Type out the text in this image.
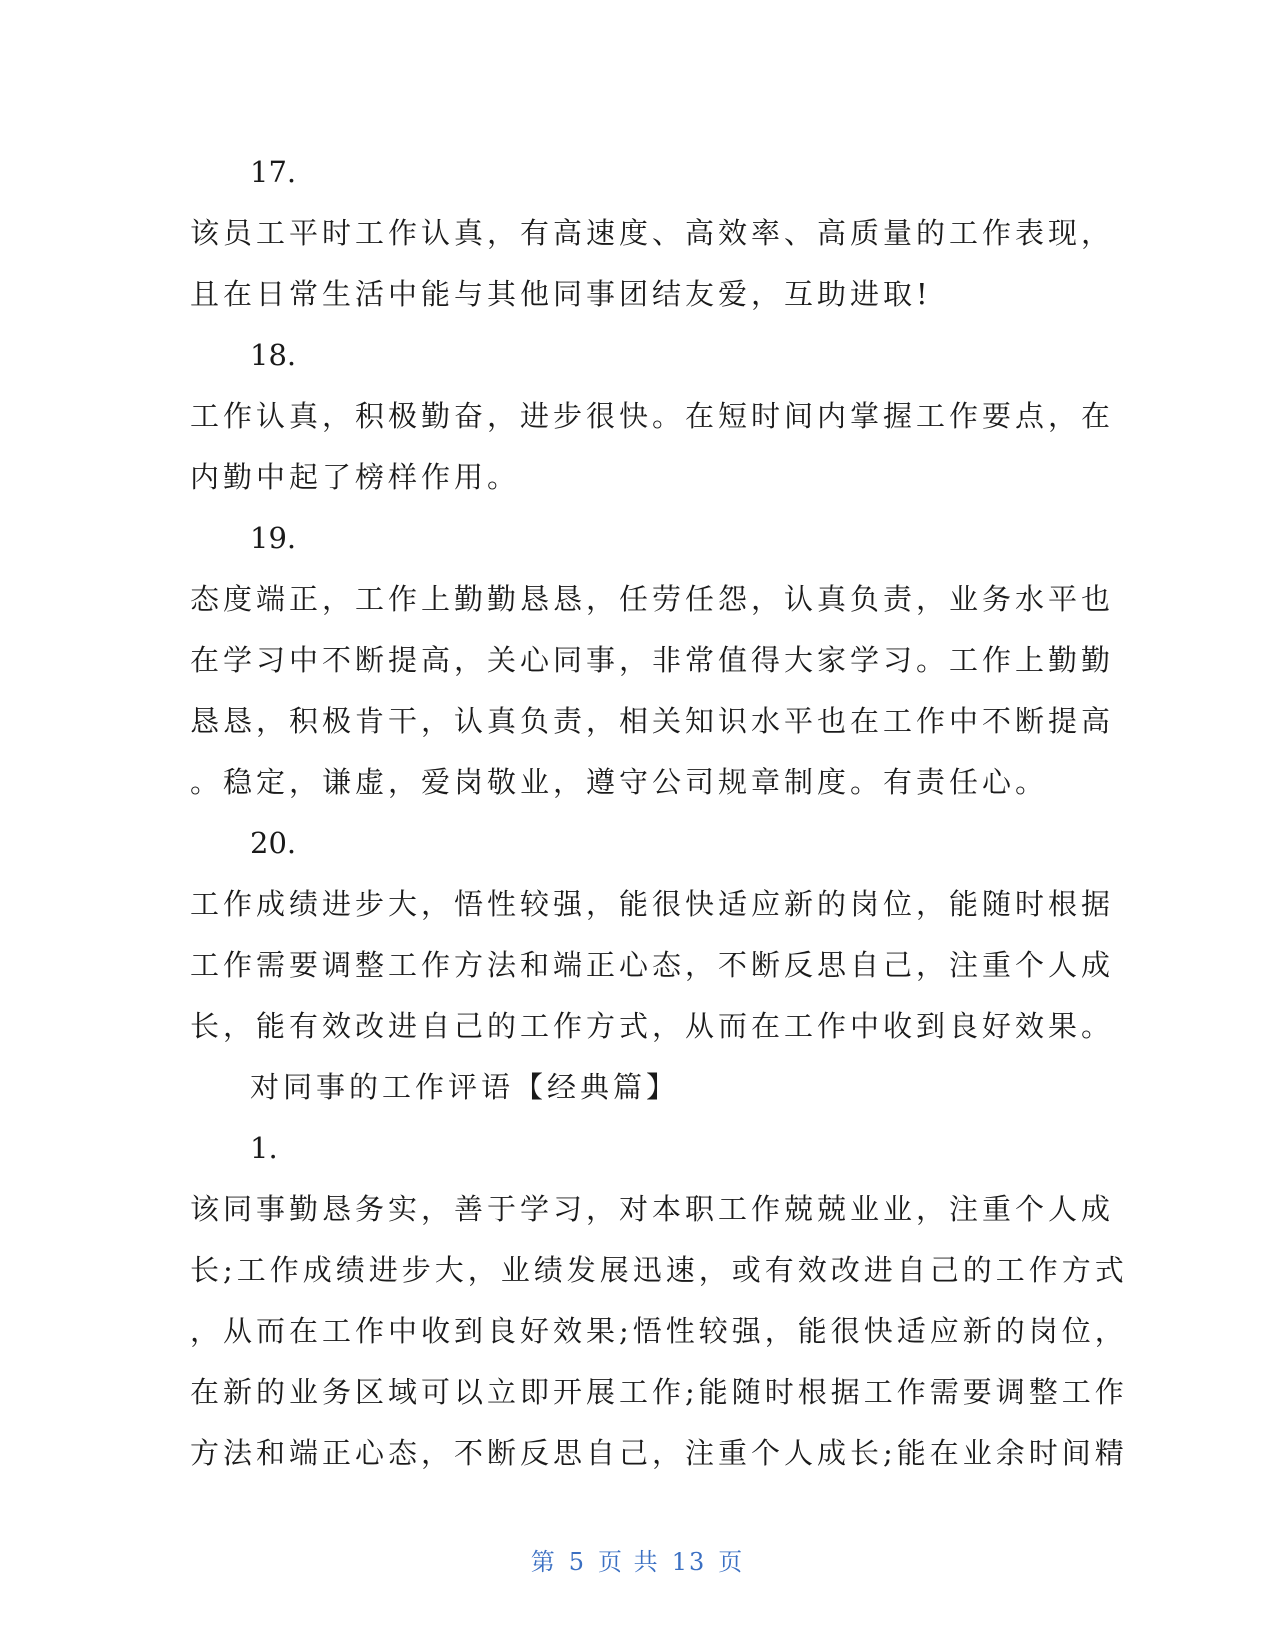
17.
该员工平时工作认真，有高速度、高效率、高质量的工作表现，
且在日常生活中能与其他同事团结友爱，互助进取!
18.
工作认真，积极勤奋，进步很快。在短时间内掌握工作要点，在
内勤中起了榜样作用。
19.
态度端正，工作上勤勤恳恳，任劳任怨，认真负责，业务水平也
在学习中不断提高，关心同事，非常值得大家学习。工作上勤勤
恳恳，积极肯干，认真负责，相关知识水平也在工作中不断提高
。稳定，谦虚，爱岗敬业，遵守公司规章制度。有责任心。
20.
工作成绩进步大，悟性较强，能很快适应新的岗位，能随时根据
工作需要调整工作方法和端正心态，不断反思自己，注重个人成
长，能有效改进自己的工作方式，从而在工作中收到良好效果。
对同事的工作评语【经典篇】
1.
该同事勤恳务实，善于学习，对本职工作兢兢业业，注重个人成
长;工作成绩进步大，业绩发展迅速，或有效改进自己的工作方式
，从而在工作中收到良好效果;悟性较强，能很快适应新的岗位，
在新的业务区域可以立即开展工作;能随时根据工作需要调整工作
方法和端正心态，不断反思自己，注重个人成长;能在业余时间精
第 5 页 共 13 页
